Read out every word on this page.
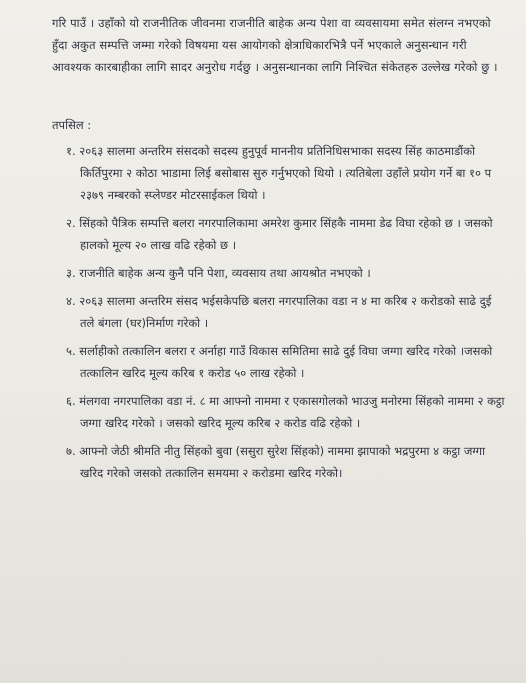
गरि पाउँ । उहाँको यो राजनीतिक जीवनमा राजनीति बाहेक अन्य पेशा वा व्यवसायमा समेत संलग्न नभएको हुँदा अकुत सम्पत्ति जम्मा गरेको विषयमा यस आयोगको क्षेत्राधिकारभित्रै पर्ने भएकाले अनुसन्धान गरी आवश्यक कारबाहीका लागि सादर अनुरोध गर्दछु । अनुसन्धानका लागि निश्चित संकेतहरु उल्लेख गरेको छु ।

तपसिल :
१. २०६३ सालमा अन्तरिम संसदको सदस्य हुनुपूर्व माननीय प्रतिनिधिसभाका सदस्य सिंह काठमाडौंको किर्तिपुरमा २ कोठा भाडामा लिई बसोबास सुरु गर्नुभएको थियो । त्यतिबेला उहाँले प्रयोग गर्ने बा १० प २३७९ नम्बरको स्प्लेण्डर मोटरसाईकल थियो ।
२. सिंहको पैत्रिक सम्पत्ति बलरा नगरपालिकामा अमरेश कुमार सिंहकै नाममा डेढ विघा रहेको छ । जसको हालको मूल्य २० लाख वढि रहेको छ ।
३. राजनीति बाहेक अन्य कुनै पनि पेशा, व्यवसाय तथा आयश्रोत नभएको ।
४. २०६३ सालमा अन्तरिम संसद भईसकेपछि बलरा नगरपालिका वडा न ४ मा करिब २ करोडको साढे दुई तले बंगला (घर)निर्माण गरेको ।
५. सर्लाहीको तत्कालिन बलरा र अर्नाहा गाउँ विकास समितिमा साढे दुई विघा जग्गा खरिद गरेको ।जसको तत्कालिन खरिद मूल्य करिब १ करोड ५० लाख रहेको ।
६. मंलगवा नगरपालिका वडा नं. ८ मा आफ्नो नाममा र एकासगोलको भाउजु मनोरमा सिंहको नाममा २ कट्ठा जग्गा खरिद गरेको । जसको खरिद मूल्य करिब २ करोड वढि रहेको ।
७. आफ्नो जेठी श्रीमति नीतु सिंहको बुवा (ससुरा सुरेश सिंहको) नाममा झापाको भद्रपुरमा ४ कट्ठा जग्गा खरिद गरेको जसको तत्कालिन समयमा २ करोडमा खरिद गरेको।
